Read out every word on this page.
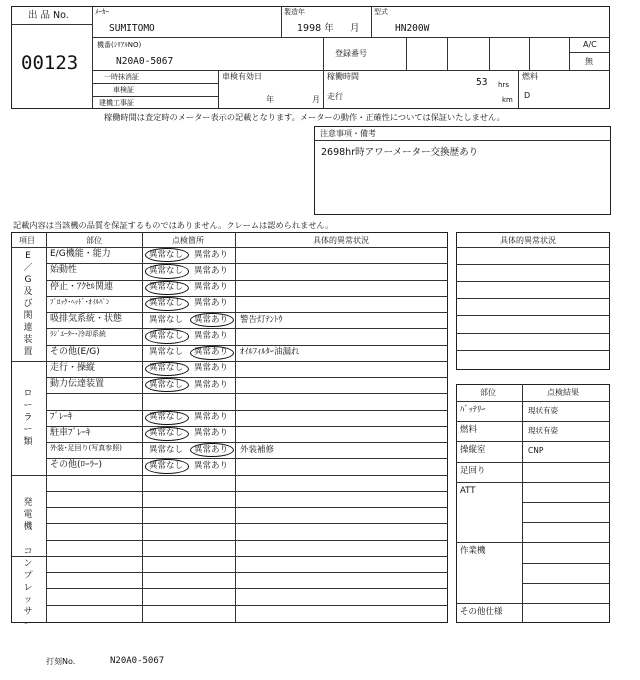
出 品 No.
00123
ﾒｰｶｰ
SUMITOMO
製造年
1998 年 月
型式
HN200W
機番(ｼﾘｱﾙNO)
N20A0-5067
登録番号
A/C
無
一時抹消証
車検証
建機工事証
車検有効日
年	月
稼働時間
53 hrs
走行	km
燃料
D
稼働時間は査定時のメーター表示の記載となります。メーターの動作・正確性については保証いたしません。
注意事項・備考
2698hr時アワーメーター交換歴あり
記載内容は当該機の品質を保証するものではありません。クレームは認められません。
項目	部位	点検箇所	具体的異常状況
E／G及び関連装置
E/G機能・能力	異常なし 異常あり
始動性	異常なし 異常あり
停止・ｱｸｾﾙ関連	異常なし 異常あり
ﾌﾞﾛｯｸ･ﾍｯﾄﾞ･ｵｲﾙﾊﾟﾝ	異常なし 異常あり
吸排気系統・状態	異常なし 異常あり 警告灯ﾃﾝﾄｳ
ﾗｼﾞｴｰﾀｰ･冷却系統	異常なし 異常あり
その他(E/G)	異常なし 異常あり ｵｲﾙﾌｨﾙﾀｰ油漏れ
ローラー類
走行・操縦	異常なし 異常あり
動力伝達装置	異常なし 異常あり
ﾌﾞﾚｰｷ	異常なし 異常あり
駐車ﾌﾞﾚｰｷ	異常なし 異常あり
外装･足回り(写真参照)	異常なし 異常あり 外装補修
その他(ﾛｰﾗｰ)	異常なし 異常あり
発電機
コンプレッサー
具体的異常状況
部位	点検結果
ﾊﾞｯﾃﾘｰ	現状有姿
燃料	現状有姿
操縦室	CNP
足回り
ATT
作業機
その他仕様
打刻No.	N20A0-5067
